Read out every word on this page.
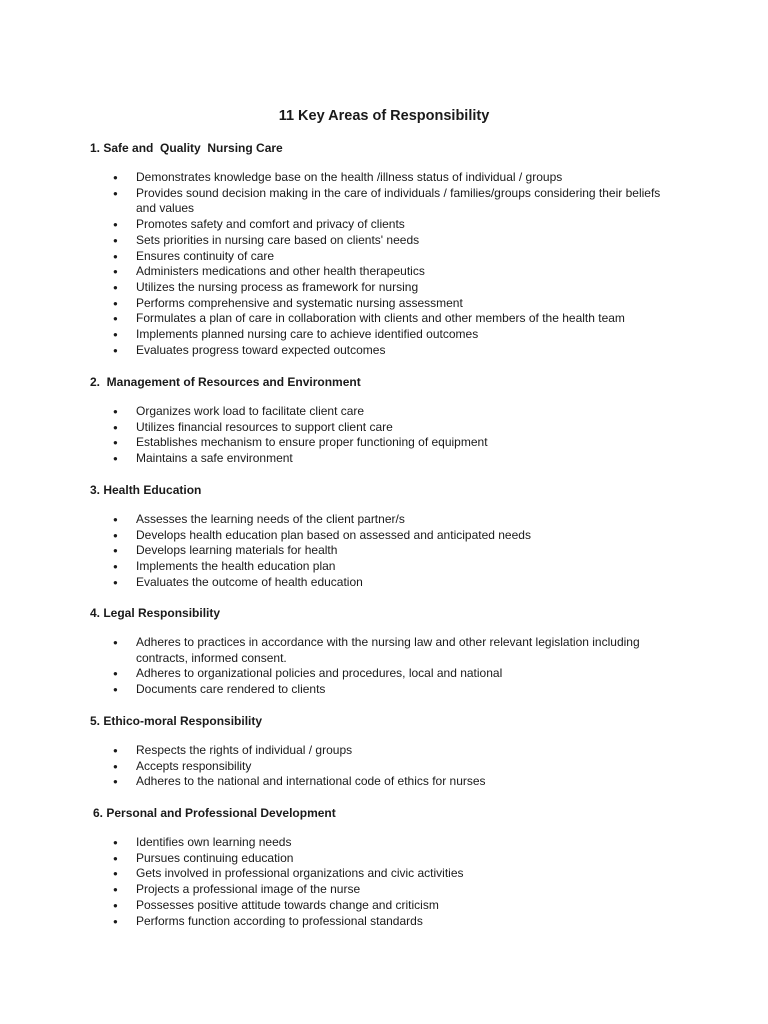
11 Key Areas of Responsibility
1. Safe and  Quality  Nursing Care
● Demonstrates knowledge base on the health /illness status of individual / groups
● Provides sound decision making in the care of individuals / families/groups considering their beliefs and values
● Promotes safety and comfort and privacy of clients
● Sets priorities in nursing care based on clients' needs
● Ensures continuity of care
● Administers medications and other health therapeutics
● Utilizes the nursing process as framework for nursing
● Performs comprehensive and systematic nursing assessment
● Formulates a plan of care in collaboration with clients and other members of the health team
● Implements planned nursing care to achieve identified outcomes
● Evaluates progress toward expected outcomes
2.  Management of Resources and Environment
● Organizes work load to facilitate client care
● Utilizes financial resources to support client care
● Establishes mechanism to ensure proper functioning of equipment
● Maintains a safe environment
3. Health Education
● Assesses the learning needs of the client partner/s
● Develops health education plan based on assessed and anticipated needs
● Develops learning materials for health
● Implements the health education plan
● Evaluates the outcome of health education
4. Legal Responsibility
● Adheres to practices in accordance with the nursing law and other relevant legislation including contracts, informed consent.
● Adheres to organizational policies and procedures, local and national
● Documents care rendered to clients
5. Ethico-moral Responsibility
● Respects the rights of individual / groups
● Accepts responsibility
● Adheres to the national and international code of ethics for nurses
6. Personal and Professional Development
● Identifies own learning needs
● Pursues continuing education
● Gets involved in professional organizations and civic activities
● Projects a professional image of the nurse
● Possesses positive attitude towards change and criticism
● Performs function according to professional standards
